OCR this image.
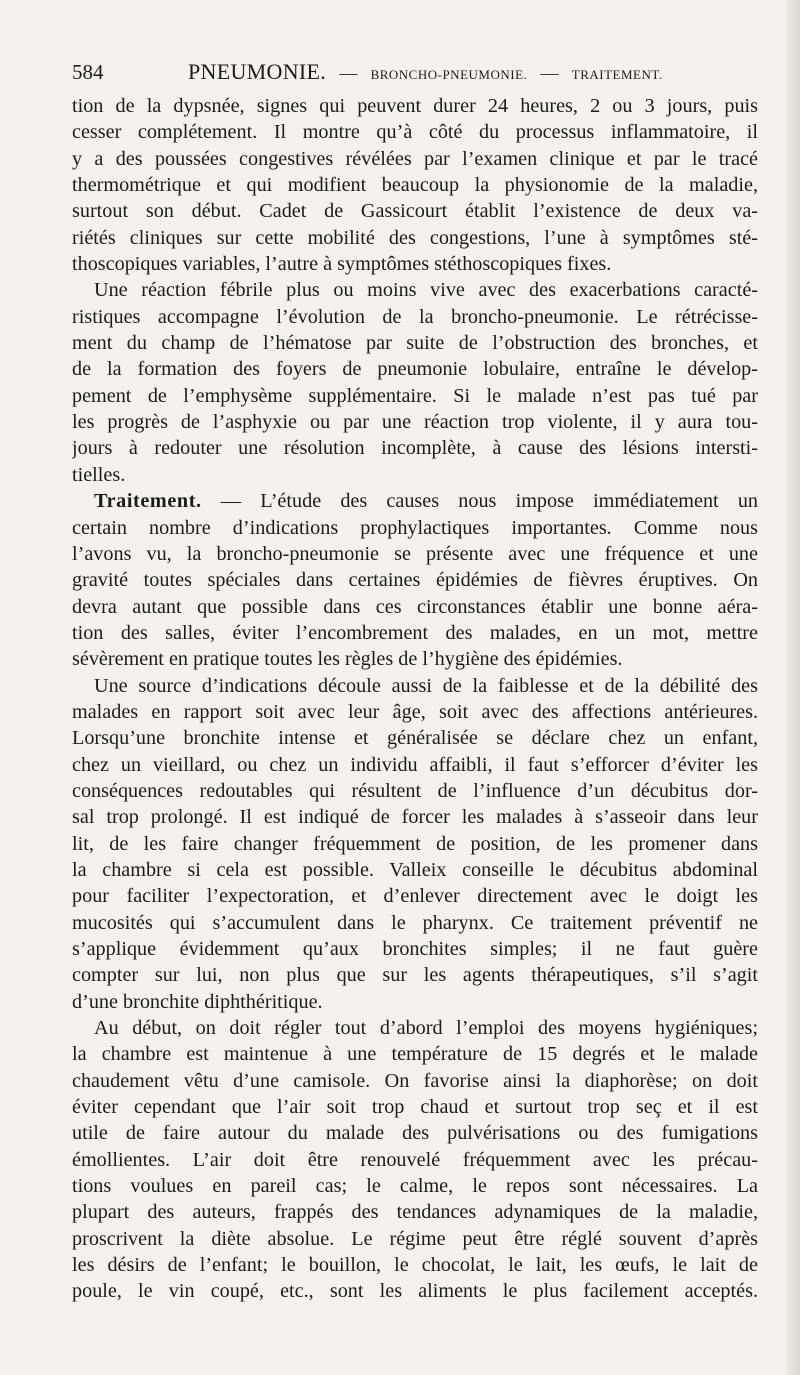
584	PNEUMONIE. — BRONCHO-PNEUMONIE. — TRAITEMENT.
tion de la dypsnée, signes qui peuvent durer 24 heures, 2 ou 3 jours, puis
cesser complétement. Il montre qu’à côté du processus inflammatoire, il
y a des poussées congestives révélées par l’examen clinique et par le tracé
thermométrique et qui modifient beaucoup la physionomie de la maladie,
surtout son début. Cadet de Gassicourt établit l’existence de deux va-
riétés cliniques sur cette mobilité des congestions, l’une à symptômes sté-
thoscopiques variables, l’autre à symptômes stéthoscopiques fixes.
Une réaction fébrile plus ou moins vive avec des exacerbations caracté-
ristiques accompagne l’évolution de la broncho-pneumonie. Le rétrécisse-
ment du champ de l’hématose par suite de l’obstruction des bronches, et
de la formation des foyers de pneumonie lobulaire, entraîne le dévelop-
pement de l’emphysème supplémentaire. Si le malade n’est pas tué par
les progrès de l’asphyxie ou par une réaction trop violente, il y aura tou-
jours à redouter une résolution incomplète, à cause des lésions intersti-
tielles.
Traitement. — L’étude des causes nous impose immédiatement un
certain nombre d’indications prophylactiques importantes. Comme nous
l’avons vu, la broncho-pneumonie se présente avec une fréquence et une
gravité toutes spéciales dans certaines épidémies de fièvres éruptives. On
devra autant que possible dans ces circonstances établir une bonne aéra-
tion des salles, éviter l’encombrement des malades, en un mot, mettre
sévèrement en pratique toutes les règles de l’hygiène des épidémies.
Une source d’indications découle aussi de la faiblesse et de la débilité des
malades en rapport soit avec leur âge, soit avec des affections antérieures.
Lorsqu’une bronchite intense et généralisée se déclare chez un enfant,
chez un vieillard, ou chez un individu affaibli, il faut s’efforcer d’éviter les
conséquences redoutables qui résultent de l’influence d’un décubitus dor-
sal trop prolongé. Il est indiqué de forcer les malades à s’asseoir dans leur
lit, de les faire changer fréquemment de position, de les promener dans
la chambre si cela est possible. Valleix conseille le décubitus abdominal
pour faciliter l’expectoration, et d’enlever directement avec le doigt les
mucosités qui s’accumulent dans le pharynx. Ce traitement préventif ne
s’applique évidemment qu’aux bronchites simples; il ne faut guère
compter sur lui, non plus que sur les agents thérapeutiques, s’il s’agit
d’une bronchite diphthéritique.
Au début, on doit régler tout d’abord l’emploi des moyens hygiéniques;
la chambre est maintenue à une température de 15 degrés et le malade
chaudement vêtu d’une camisole. On favorise ainsi la diaphorèse; on doit
éviter cependant que l’air soit trop chaud et surtout trop seç et il est
utile de faire autour du malade des pulvérisations ou des fumigations
émollientes. L’air doit être renouvelé fréquemment avec les précau-
tions voulues en pareil cas; le calme, le repos sont nécessaires. La
plupart des auteurs, frappés des tendances adynamiques de la maladie,
proscrivent la diète absolue. Le régime peut être réglé souvent d’après
les désirs de l’enfant; le bouillon, le chocolat, le lait, les œufs, le lait de
poule, le vin coupé, etc., sont les aliments le plus facilement acceptés.
